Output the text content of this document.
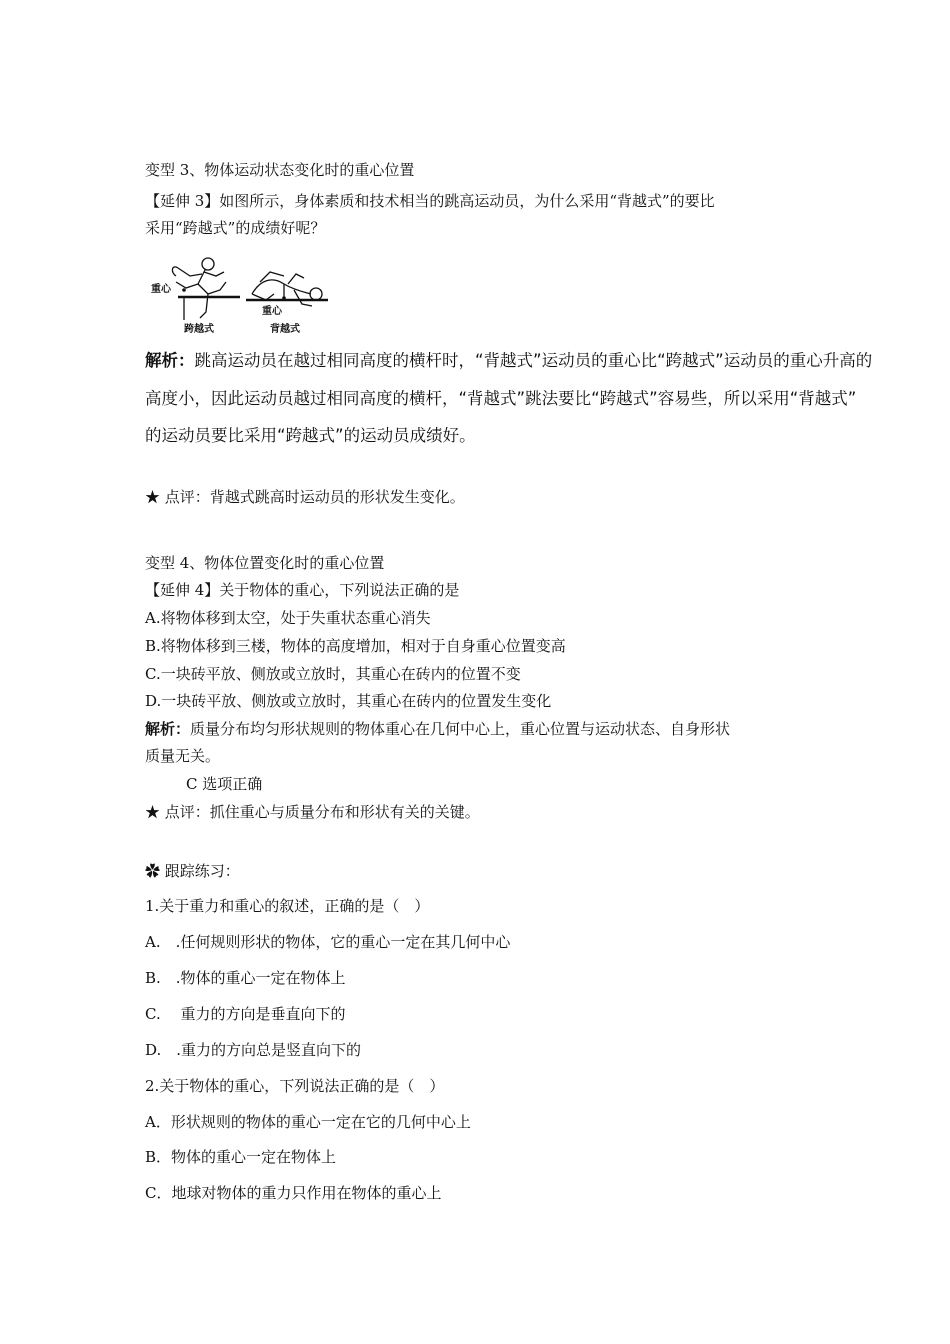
变型 3、物体运动状态变化时的重心位置
【延伸 3】如图所示，身体素质和技术相当的跳高运动员，为什么采用“背越式”的要比
采用“跨越式”的成绩好呢？
重心
跨越式
重心
背越式
解析：跳高运动员在越过相同高度的横杆时，“背越式”运动员的重心比“跨越式”运动员的重心升高的
高度小，因此运动员越过相同高度的横杆，“背越式”跳法要比“跨越式”容易些，所以采用“背越式”
的运动员要比采用“跨越式”的运动员成绩好。
★ 点评：背越式跳高时运动员的形状发生变化。
变型 4、物体位置变化时的重心位置
【延伸 4】关于物体的重心，下列说法正确的是
A.将物体移到太空，处于失重状态重心消失
B.将物体移到三楼，物体的高度增加，相对于自身重心位置变高
C.一块砖平放、侧放或立放时，其重心在砖内的位置不变
D.一块砖平放、侧放或立放时，其重心在砖内的位置发生变化
解析：质量分布均匀形状规则的物体重心在几何中心上，重心位置与运动状态、自身形状
质量无关。
C 选项正确
★ 点评：抓住重心与质量分布和形状有关的关键。
✿ 跟踪练习：
1.关于重力和重心的叙述，正确的是（　）
A.　.任何规则形状的物体，它的重心一定在其几何中心
B.　.物体的重心一定在物体上
C.　 重力的方向是垂直向下的
D.　.重力的方向总是竖直向下的
2.关于物体的重心，下列说法正确的是（　）
A．形状规则的物体的重心一定在它的几何中心上
B．物体的重心一定在物体上
C．地球对物体的重力只作用在物体的重心上
